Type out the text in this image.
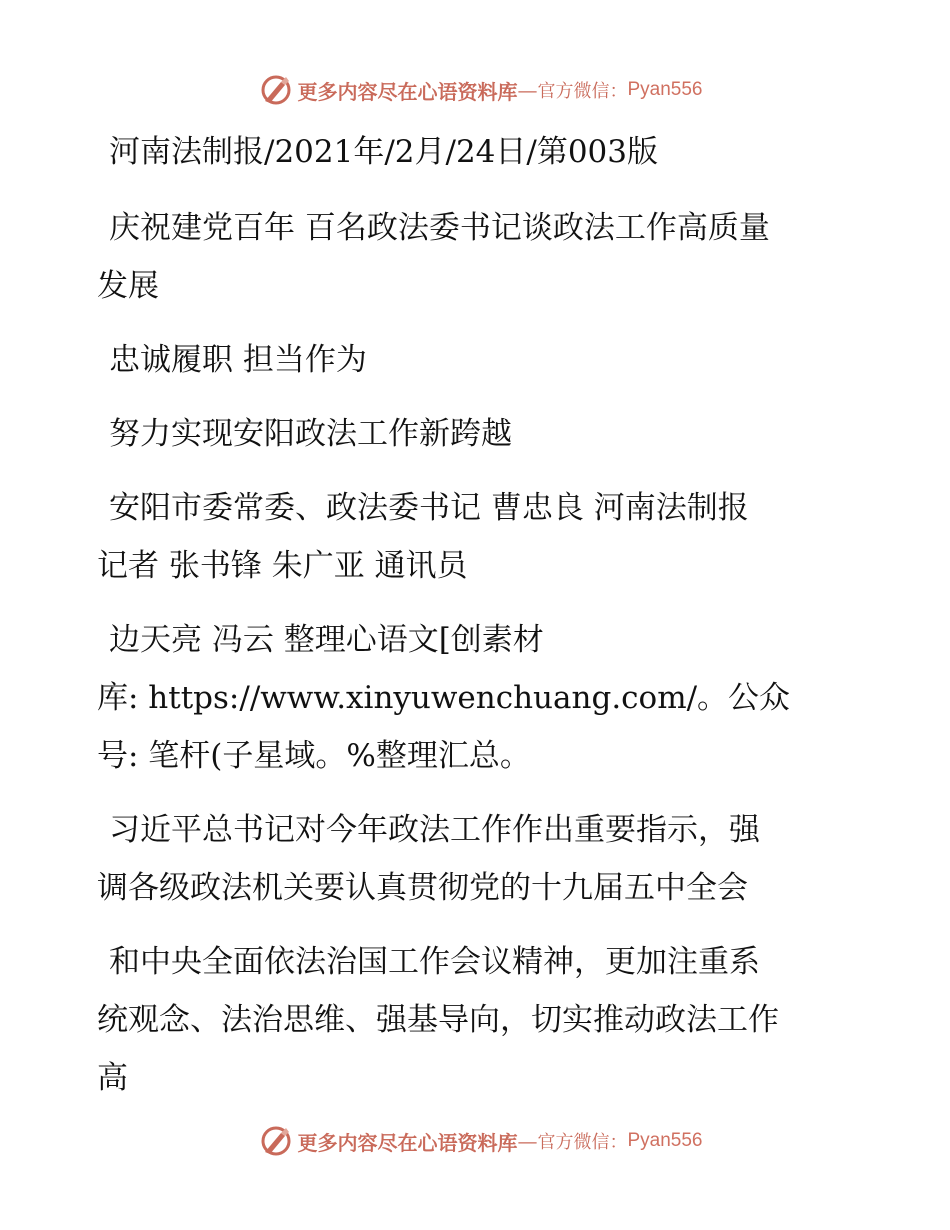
更多内容尽在心语资料库 — 官方微信： Pyan556

河南法制报/2021年/2月/24日/第003版

庆祝建党百年 百名政法委书记谈政法工作高质量

发展

忠诚履职 担当作为

努力实现安阳政法工作新跨越

安阳市委常委、政法委书记 曹忠良 河南法制报

记者 张书锋 朱广亚 通讯员

边天亮 冯云 整理心语文[创素材

库: https://www.xinyuwenchuang.com/。公众

号: 笔杆(子星域。%整理汇总。

习近平总书记对今年政法工作作出重要指示，强

调各级政法机关要认真贯彻党的十九届五中全会

和中央全面依法治国工作会议精神，更加注重系

统观念、法治思维、强基导向，切实推动政法工作

高

更多内容尽在心语资料库 — 官方微信： Pyan556
